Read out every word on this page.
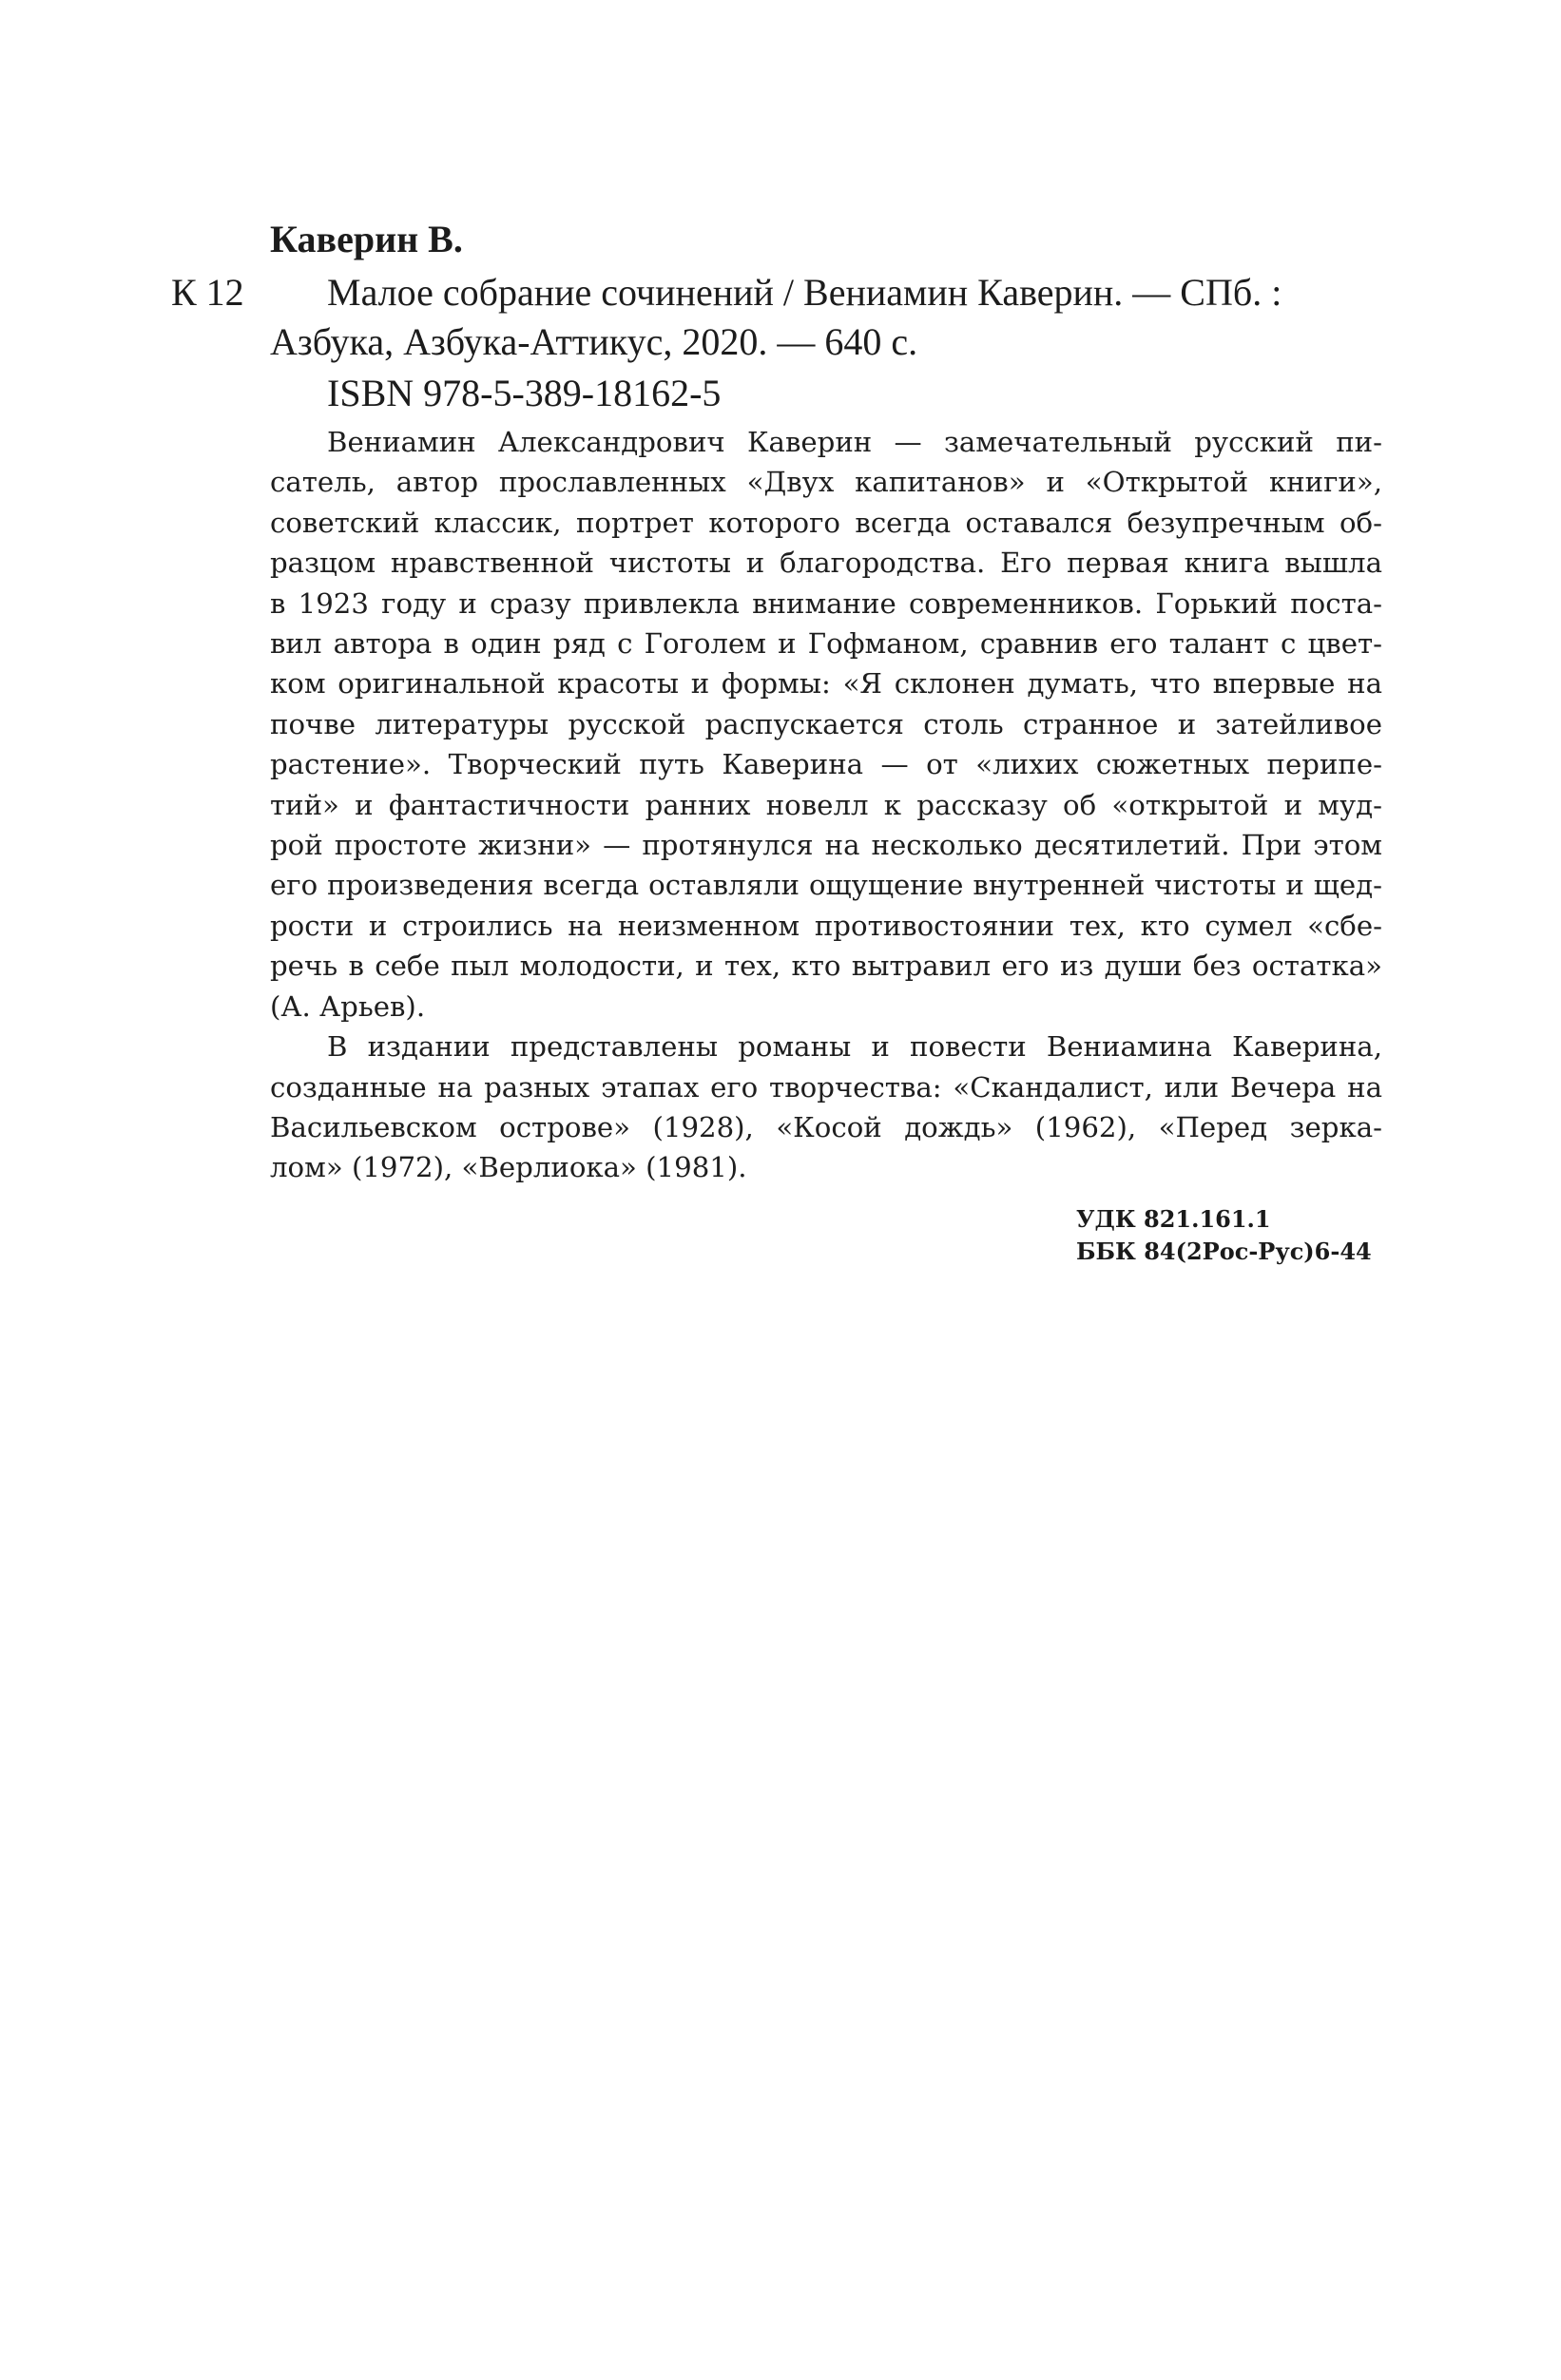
Каверин В.
К 12 Малое собрание сочинений / Вениамин Каверин. — СПб. :
Азбука, Азбука-Аттикус, 2020. — 640 с.
ISBN 978-5-389-18162-5
Вениамин Александрович Каверин — замечательный русский пи-
сатель, автор прославленных «Двух капитанов» и «Открытой книги»,
советский классик, портрет которого всегда оставался безупречным об-
разцом нравственной чистоты и благородства. Его первая книга вышла
в 1923 году и сразу привлекла внимание современников. Горький поста-
вил автора в один ряд с Гоголем и Гофманом, сравнив его талант с цвет-
ком оригинальной красоты и формы: «Я склонен думать, что впервые на
почве литературы русской распускается столь странное и затейливое
растение». Творческий путь Каверина — от «лихих сюжетных перипе-
тий» и фантастичности ранних новелл к рассказу об «открытой и муд-
рой простоте жизни» — протянулся на несколько десятилетий. При этом
его произведения всегда оставляли ощущение внутренней чистоты и щед-
рости и строились на неизменном противостоянии тех, кто сумел «сбе-
речь в себе пыл молодости, и тех, кто вытравил его из души без остатка»
(А. Арьев).
В издании представлены романы и повести Вениамина Каверина,
созданные на разных этапах его творчества: «Скандалист, или Вечера на
Васильевском острове» (1928), «Косой дождь» (1962), «Перед зерка-
лом» (1972), «Верлиока» (1981).
УДК 821.161.1
ББК 84(2Рос-Рус)6-44
